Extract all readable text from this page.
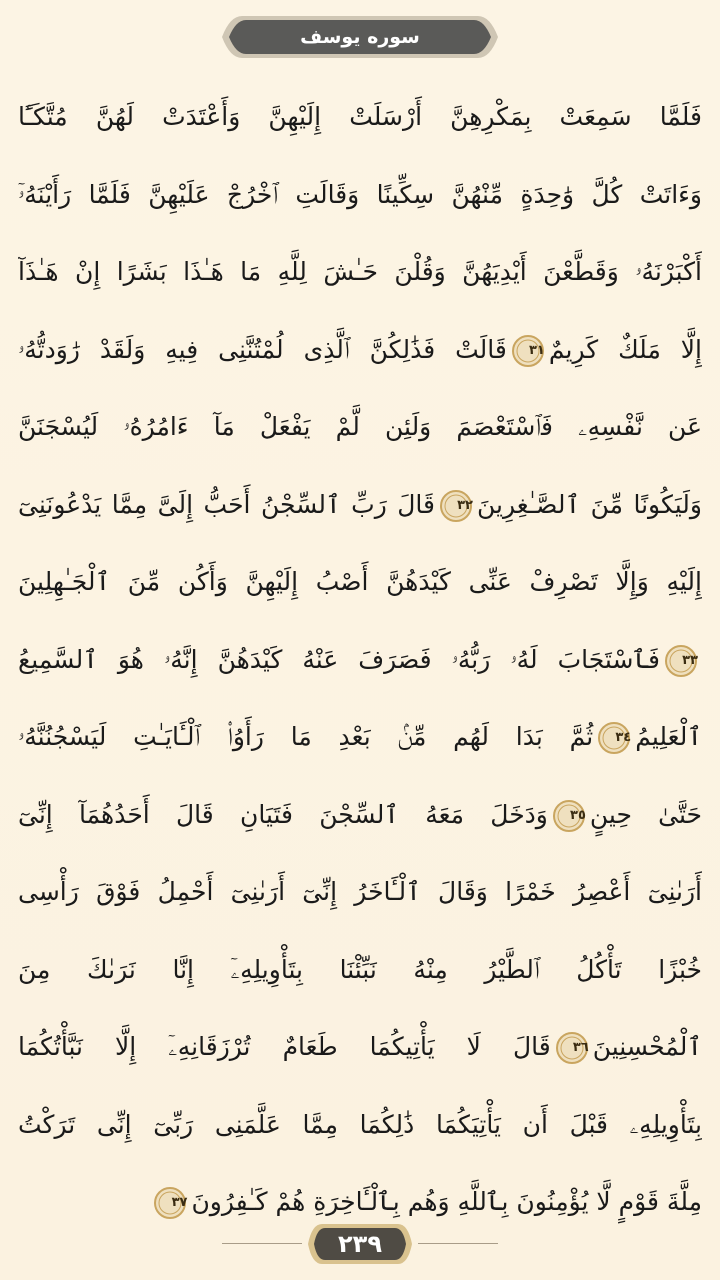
سوره يوسف
فَلَمَّا سَمِعَتْ بِمَكْرِهِنَّ أَرْسَلَتْ إِلَيْهِنَّ وَأَعْتَدَتْ لَهُنَّ مُتَّكَـًٔا
وَءَاتَتْ كُلَّ وَٰحِدَةٍ مِّنْهُنَّ سِكِّينًا وَقَالَتِ ٱخْرُجْ عَلَيْهِنَّ فَلَمَّا رَأَيْنَهُۥٓ
أَكْبَرْنَهُۥ وَقَطَّعْنَ أَيْدِيَهُنَّ وَقُلْنَ حَـٰشَ لِلَّهِ مَا هَـٰذَا بَشَرًا إِنْ هَـٰذَآ
إِلَّا مَلَكٌ كَرِيمٌ
٣١
قَالَتْ فَذَٰلِكُنَّ ٱلَّذِى لُمْتُنَّنِى فِيهِ وَلَقَدْ رَٰوَدتُّهُۥ
عَن نَّفْسِهِۦ فَٱسْتَعْصَمَ وَلَئِن لَّمْ يَفْعَلْ مَآ ءَامُرُهُۥ لَيُسْجَنَنَّ
وَلَيَكُونًا مِّنَ ٱلصَّـٰغِرِينَ
٣٢
قَالَ رَبِّ ٱلسِّجْنُ أَحَبُّ إِلَىَّ مِمَّا يَدْعُونَنِىٓ
إِلَيْهِ وَإِلَّا تَصْرِفْ عَنِّى كَيْدَهُنَّ أَصْبُ إِلَيْهِنَّ وَأَكُن مِّنَ ٱلْجَـٰهِلِينَ
٣٣
فَٱسْتَجَابَ لَهُۥ رَبُّهُۥ فَصَرَفَ عَنْهُ كَيْدَهُنَّ إِنَّهُۥ هُوَ ٱلسَّمِيعُ
ٱلْعَلِيمُ
٣٤
ثُمَّ بَدَا لَهُم مِّنۢ بَعْدِ مَا رَأَوُا۟ ٱلْـَٔايَـٰتِ لَيَسْجُنُنَّهُۥ
حَتَّىٰ حِينٍ
٣٥
وَدَخَلَ مَعَهُ ٱلسِّجْنَ فَتَيَانِ قَالَ أَحَدُهُمَآ إِنِّىٓ
أَرَىٰنِىٓ أَعْصِرُ خَمْرًا وَقَالَ ٱلْـَٔاخَرُ إِنِّىٓ أَرَىٰنِىٓ أَحْمِلُ فَوْقَ رَأْسِى
خُبْزًا تَأْكُلُ ٱلطَّيْرُ مِنْهُ نَبِّئْنَا بِتَأْوِيلِهِۦٓ إِنَّا نَرَىٰكَ مِنَ
ٱلْمُحْسِنِينَ
٣٦
قَالَ لَا يَأْتِيكُمَا طَعَامٌ تُرْزَقَانِهِۦٓ إِلَّا نَبَّأْتُكُمَا
بِتَأْوِيلِهِۦ قَبْلَ أَن يَأْتِيَكُمَا ذَٰلِكُمَا مِمَّا عَلَّمَنِى رَبِّىٓ إِنِّى تَرَكْتُ
مِلَّةَ قَوْمٍ لَّا يُؤْمِنُونَ بِٱللَّهِ وَهُم بِٱلْـَٔاخِرَةِ هُمْ كَـٰفِرُونَ
٣٧
٢٣٩
